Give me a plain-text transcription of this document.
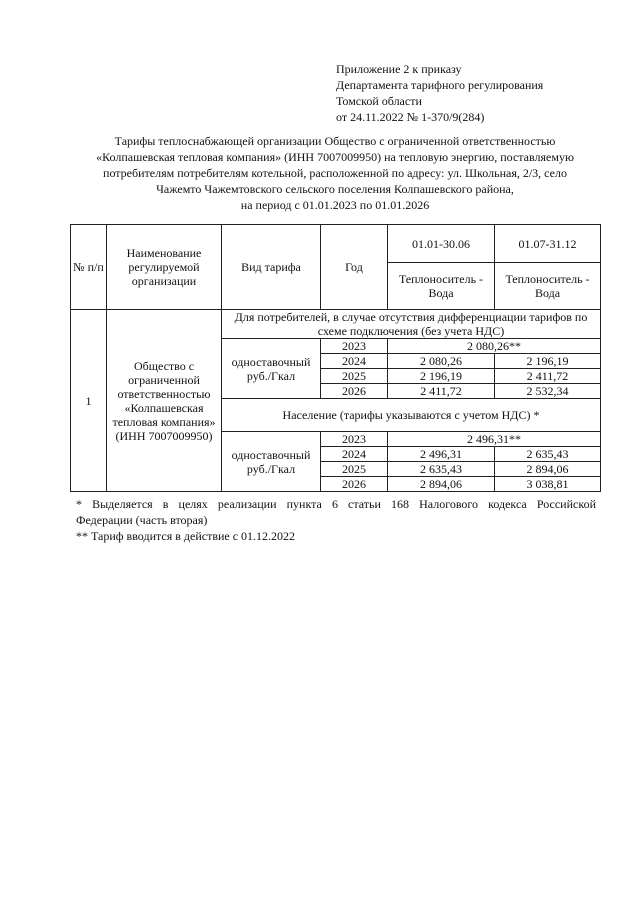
Приложение 2 к приказу
Департамента тарифного регулирования
Томской области
от 24.11.2022 № 1-370/9(284)
Тарифы теплоснабжающей организации Общество с ограниченной ответственностью
«Колпашевская тепловая компания» (ИНН 7007009950) на тепловую энергию, поставляемую
потребителям потребителям котельной, расположенной по адресу: ул. Школьная, 2/3, село
Чажемто Чажемтовского сельского поселения Колпашевского района,
на период с 01.01.2023 по 01.01.2026
№ п/п	Наименование регулируемой организации	Вид тарифа	Год	01.01-30.06	01.07-31.12
				Теплоноситель - Вода	Теплоноситель - Вода
1	Общество с ограниченной ответственностью «Колпашевская тепловая компания» (ИНН 7007009950)	Для потребителей, в случае отсутствия дифференциации тарифов по схеме подключения (без учета НДС)			
		одноставочный руб./Гкал	2023	2 080,26**	
			2024	2 080,26	2 196,19
			2025	2 196,19	2 411,72
			2026	2 411,72	2 532,34
		Население (тарифы указываются с учетом НДС) *			
		одноставочный руб./Гкал	2023	2 496,31**	
			2024	2 496,31	2 635,43
			2025	2 635,43	2 894,06
			2026	2 894,06	3 038,81
* Выделяется в целях реализации пункта 6 статьи 168 Налогового кодекса Российской
Федерации (часть вторая)
** Тариф вводится в действие с 01.12.2022
